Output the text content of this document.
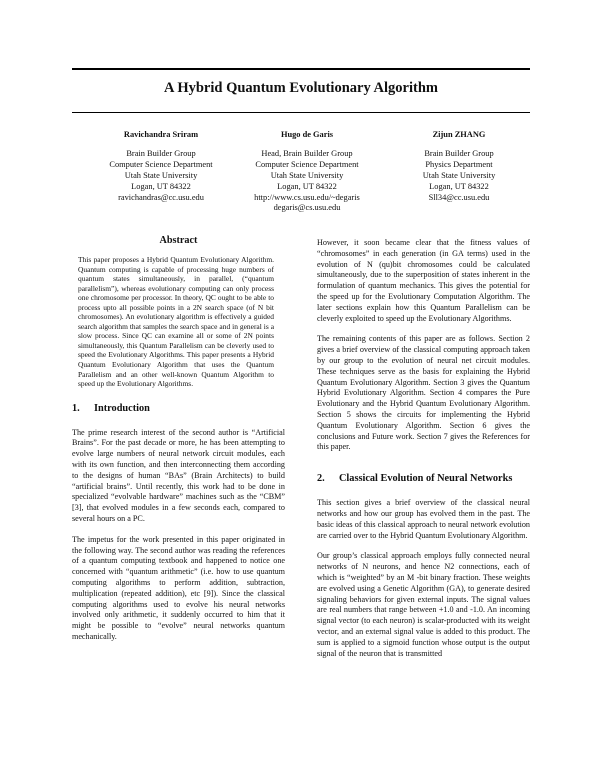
A Hybrid Quantum Evolutionary Algorithm
Ravichandra Sriram
Brain Builder Group
Computer Science Department
Utah State University
Logan, UT 84322
ravichandras@cc.usu.edu
Hugo de Garis
Head, Brain Builder Group
Computer Science Department
Utah State University
Logan, UT 84322
http://www.cs.usu.edu/~degaris
degaris@cs.usu.edu
Zijun ZHANG
Brain Builder Group
Physics Department
Utah State University
Logan, UT 84322
Sll34@cc.usu.edu
Abstract

This paper proposes a Hybrid Quantum Evolutionary Algorithm. Quantum computing is capable of processing huge numbers of quantum states simultaneously, in parallel, (“quantum parallelism”), whereas evolutionary computing can only process one chromosome per processor. In theory, QC ought to be able to process upto all possible points in a 2N search space (of N bit chromosomes). An evolutionary algorithm is effectively a guided search algorithm that samples the search space and in general is a slow process. Since QC can examine all or some of 2N points simultaneously, this Quantum Parallelism can be cleverly used to speed the Evolutionary Algorithms. This paper presents a Hybrid Quantum Evolutionary Algorithm that uses the Quantum Parallelism and an other well-known Quantum Algorithm to speed up the Evolutionary Algorithms.

1. Introduction

The prime research interest of the second author is “Artificial Brains”. For the past decade or more, he has been attempting to evolve large numbers of neural network circuit modules, each with its own function, and then interconnecting them according to the designs of human “BAs” (Brain Architects) to build “artificial brains”. Until recently, this work had to be done in specialized “evolvable hardware” machines such as the “CBM” [3], that evolved modules in a few seconds each, compared to several hours on a PC.

The impetus for the work presented in this paper originated in the following way. The second author was reading the references of a quantum computing textbook and happened to notice one concerned with “quantum arithmetic” (i.e. how to use quantum computing algorithms to perform addition, subtraction, multiplication (repeated addition), etc [9]). Since the classical computing algorithms used to evolve his neural networks involved only arithmetic, it suddenly occurred to him that it might be possible to “evolve” neural networks quantum mechanically.

However, it soon became clear that the fitness values of “chromosomes” in each generation (in GA terms) used in the evolution of N (qu)bit chromosomes could be calculated simultaneously, due to the superposition of states inherent in the formulation of quantum mechanics. This gives the potential for the speed up for the Evolutionary Computation Algorithm. The later sections explain how this Quantum Parallelism can be cleverly exploited to speed up the Evolutionary Algorithms.

The remaining contents of this paper are as follows. Section 2 gives a brief overview of the classical computing approach taken by our group to the evolution of neural net circuit modules. These techniques serve as the basis for explaining the Hybrid Quantum Evolutionary Algorithm. Section 3 gives the Quantum Hybrid Evolutionary Algorithm. Section 4 compares the Pure Evolutionary and the Hybrid Quantum Evolutionary Algorithm. Section 5 shows the circuits for implementing the Hybrid Quantum Evolutionary Algorithm. Section 6 gives the conclusions and Future work. Section 7 gives the References for this paper.

2. Classical Evolution of Neural Networks

This section gives a brief overview of the classical neural networks and how our group has evolved them in the past. The basic ideas of this classical approach to neural network evolution are carried over to the Hybrid Quantum Evolutionary Algorithm.

Our group’s classical approach employs fully connected neural networks of N neurons, and hence N2 connections, each of which is “weighted” by an M -bit binary fraction. These weights are evolved using a Genetic Algorithm (GA), to generate desired signaling behaviors for given external inputs. The signal values are real numbers that range between +1.0 and -1.0. An incoming signal vector (to each neuron) is scalar-producted with its weight vector, and an external signal value is added to this product. The sum is applied to a sigmoid function whose output is the output signal of the neuron that is transmitted
